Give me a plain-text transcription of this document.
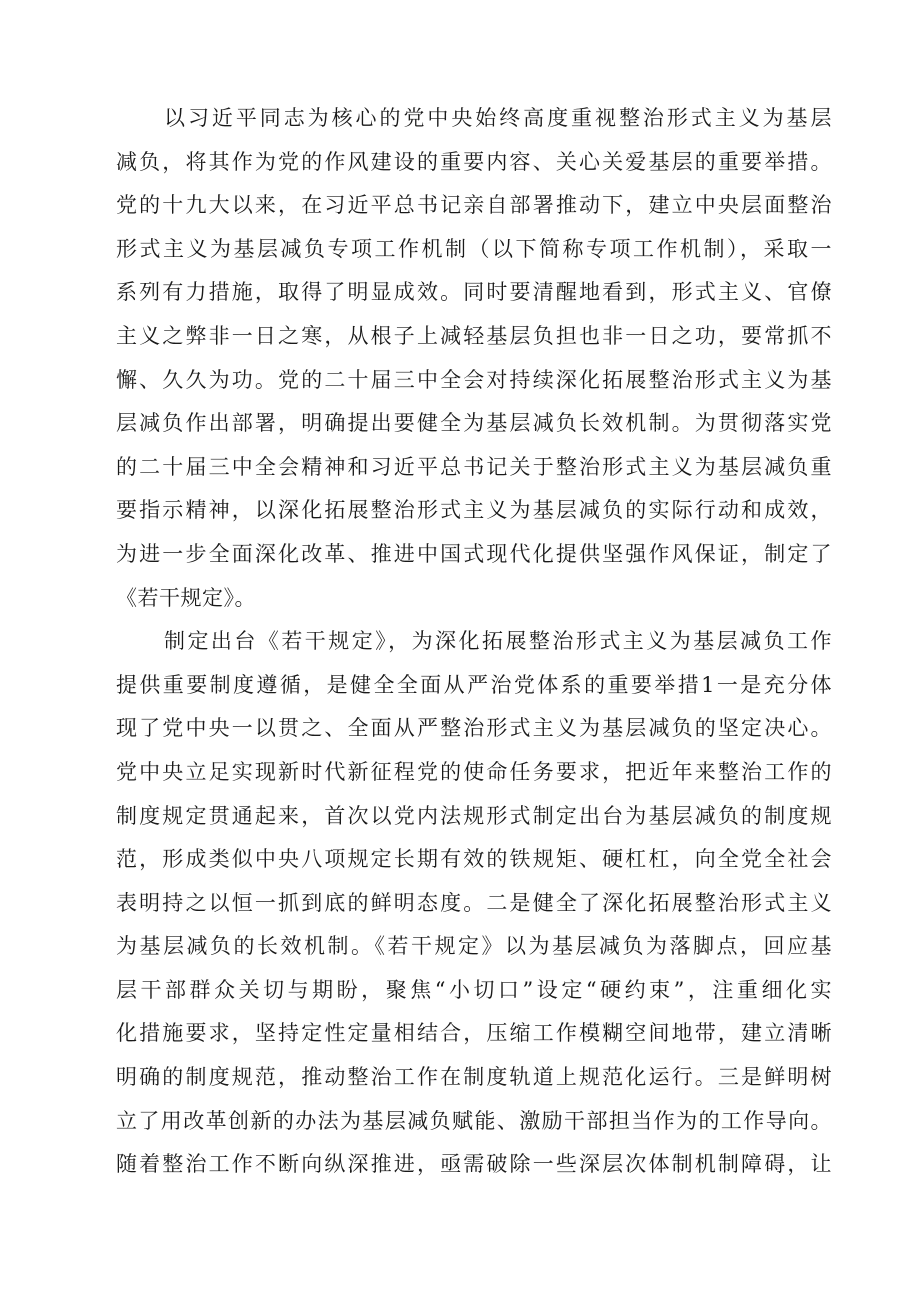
以习近平同志为核心的党中央始终高度重视整治形式主义为基层
减负，将其作为党的作风建设的重要内容、关心关爱基层的重要举措。
党的十九大以来，在习近平总书记亲自部署推动下，建立中央层面整治
形式主义为基层减负专项工作机制（以下简称专项工作机制），采取一
系列有力措施，取得了明显成效。同时要清醒地看到，形式主义、官僚
主义之弊非一日之寒，从根子上减轻基层负担也非一日之功，要常抓不
懈、久久为功。党的二十届三中全会对持续深化拓展整治形式主义为基
层减负作出部署，明确提出要健全为基层减负长效机制。为贯彻落实党
的二十届三中全会精神和习近平总书记关于整治形式主义为基层减负重
要指示精神，以深化拓展整治形式主义为基层减负的实际行动和成效，
为进一步全面深化改革、推进中国式现代化提供坚强作风保证，制定了
《若干规定》。
制定出台《若干规定》，为深化拓展整治形式主义为基层减负工作
提供重要制度遵循，是健全全面从严治党体系的重要举措1一是充分体
现了党中央一以贯之、全面从严整治形式主义为基层减负的坚定决心。
党中央立足实现新时代新征程党的使命任务要求，把近年来整治工作的
制度规定贯通起来，首次以党内法规形式制定出台为基层减负的制度规
范，形成类似中央八项规定长期有效的铁规矩、硬杠杠，向全党全社会
表明持之以恒一抓到底的鲜明态度。二是健全了深化拓展整治形式主义
为基层减负的长效机制。《若干规定》以为基层减负为落脚点，回应基
层干部群众关切与期盼，聚焦“小切口”设定“硬约束”，注重细化实
化措施要求，坚持定性定量相结合，压缩工作模糊空间地带，建立清晰
明确的制度规范，推动整治工作在制度轨道上规范化运行。三是鲜明树
立了用改革创新的办法为基层减负赋能、激励干部担当作为的工作导向。
随着整治工作不断向纵深推进，亟需破除一些深层次体制机制障碍，让
